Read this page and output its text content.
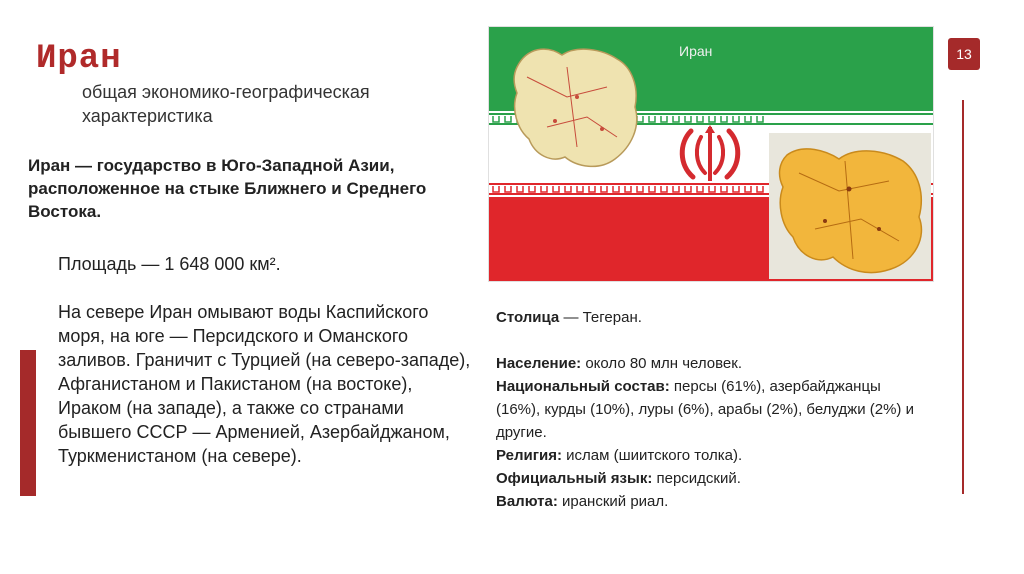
Иран

общая экономико-географическая характеристика

13

Иран — государство в Юго-Западной Азии, расположенное на стыке Ближнего и Среднего Востока.

Площадь — 1 648 000 км².

На севере Иран омывают воды Каспийского моря, на юге — Персидского и Оманского заливов. Граничит с Турцией (на северо-западе), Афганистаном и Пакистаном (на востоке), Ираком (на западе), а также со странами бывшего СССР — Арменией, Азербайджаном, Туркменистаном (на севере).

Иран

Столица — Тегеран.

Население: около 80 млн человек.

Национальный состав: персы (61%), азербайджанцы (16%), курды (10%), луры (6%), арабы (2%), белуджи (2%) и другие.

Религия: ислам (шиитского толка).

Официальный язык: персидский.

Валюта: иранский риал.
